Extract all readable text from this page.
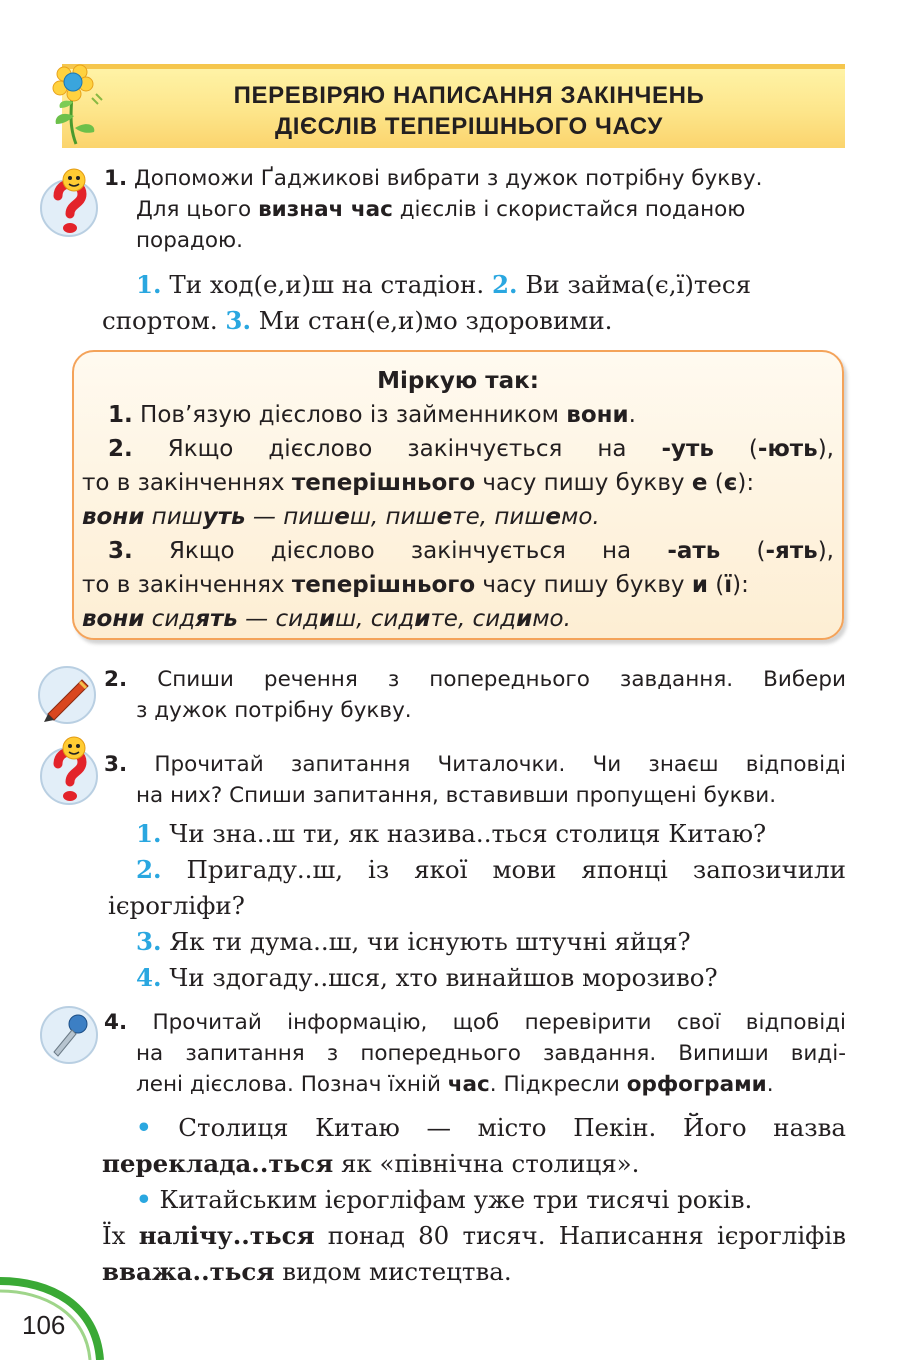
ПЕРЕВІРЯЮ НАПИСАННЯ ЗАКІНЧЕНЬ
ДІЄСЛІВ ТЕПЕРІШНЬОГО ЧАСУ
1. Допоможи Ґаджикові вибрати з дужок потрібну букву.
Для цього визнач час дієслів і скористайся поданою
порадою.
1. Ти ход(е,и)ш на стадіон. 2. Ви займа(є,ї)теся
спортом. 3. Ми стан(е,и)мо здоровими.
Міркую так:
1. Пов’язую дієслово із займенником вони.
2. Якщо дієслово закінчується на -уть (-ють),
то в закінченнях теперішнього часу пишу букву е (є):
вони пишуть — пишеш, пишете, пишемо.
3. Якщо дієслово закінчується на -ать (-ять),
то в закінченнях теперішнього часу пишу букву и (ї):
вони сидять — сидиш, сидите, сидимо.
2. Спиши речення з попереднього завдання. Вибери
з дужок потрібну букву.
3. Прочитай запитання Читалочки. Чи знаєш відповіді
на них? Спиши запитання, вставивши пропущені букви.
1. Чи зна..ш ти, як назива..ться столиця Китаю?
2. Пригаду..ш, із якої мови японці запозичили
ієрогліфи?
3. Як ти дума..ш, чи існують штучні яйця?
4. Чи здогаду..шся, хто винайшов морозиво?
4. Прочитай інформацію, щоб перевірити свої відповіді
на запитання з попереднього завдання. Випиши виді-
лені дієслова. Познач їхній час. Підкресли орфограми.
• Столиця Китаю — місто Пекін. Його назва
переклада..ться як «північна столиця».
• Китайським ієрогліфам уже три тисячі років.
Їх налічу..ться понад 80 тисяч. Написання ієрогліфів
вважа..ться видом мистецтва.
106
